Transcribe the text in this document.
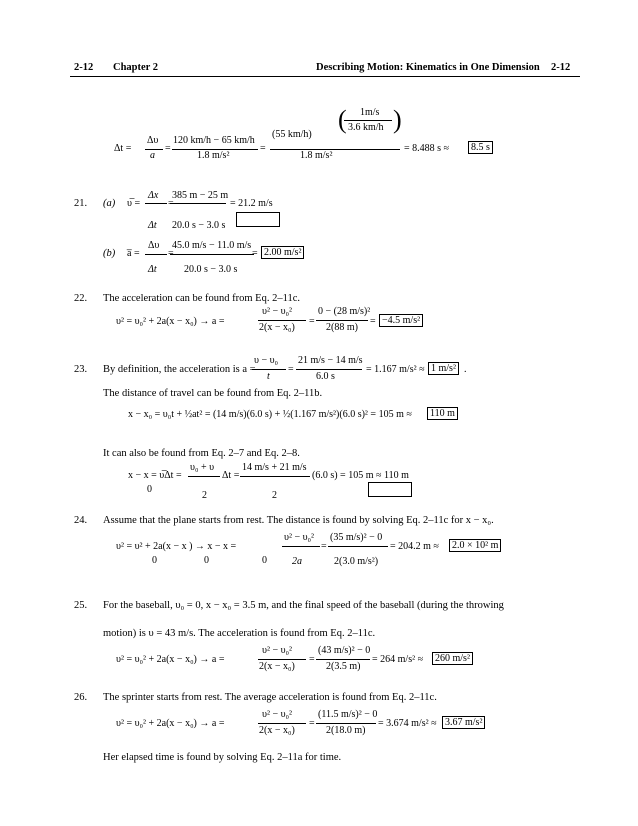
2-12 Chapter 2	Describing Motion: Kinematics in One Dimension 2-12
1m/s
3.6 km/h
( )
(55 km/h)
Δt =
Δυ
a
=
120 km/h − 65 km/h
1.8 m/s²
=
1.8 m/s²
= 8.488 s ≈	8.5 s
21. (a) υ̅ =
Δx
Δt
=
385 m − 25 m
20.0 s − 3.0 s
= 21.2 m/s
(b) a̅ =
Δυ
Δt
=
45.0 m/s − 11.0 m/s
20.0 s − 3.0 s
= 2.00 m/s²
22. The acceleration can be found from Eq. 2–11c.
υ² = υ₀² + 2a(x − x₀) → a =
υ² − υ₀²
2(x − x₀)
=
0 − (28 m/s)²
2(88 m)
= −4.5 m/s²
23. By definition, the acceleration is a =
υ − υ₀
t
=
21 m/s − 14 m/s
6.0 s
= 1.167 m/s² ≈ 1 m/s² .
The distance of travel can be found from Eq. 2–11b.
x − x₀ = υ₀t + ½at² = (14 m/s)(6.0 s) + ½(1.167 m/s²)(6.0 s)² = 105 m ≈	110 m
It can also be found from Eq. 2–7 and Eq. 2–8.
x − x = υ̅Δt =
0
υ₀ + υ
2
Δt =
14 m/s + 21 m/s
2
(6.0 s) = 105 m ≈ 110 m
24. Assume that the plane starts from rest. The distance is found by solving Eq. 2–11c for x − x₀.
υ² = υ² + 2a(x − x ) → x − x =
0	0	0
υ² − υ₀²
2a
=
(35 m/s)² − 0
2(3.0 m/s²)
= 204.2 m ≈	2.0 × 10² m
25. For the baseball, υ₀ = 0, x − x₀ = 3.5 m, and the final speed of the baseball (during the throwing
motion) is υ = 43 m/s. The acceleration is found from Eq. 2–11c.
υ² = υ₀² + 2a(x − x₀) → a =
υ² − υ₀²
2(x − x₀)
=
(43 m/s)² − 0
2(3.5 m)
= 264 m/s² ≈	260 m/s²
26. The sprinter starts from rest. The average acceleration is found from Eq. 2–11c.
υ² = υ₀² + 2a(x − x₀) → a =
υ² − υ₀²
2(x − x₀)
=
(11.5 m/s)² − 0
2(18.0 m)
= 3.674 m/s² ≈ 3.67 m/s²
Her elapsed time is found by solving Eq. 2–11a for time.
